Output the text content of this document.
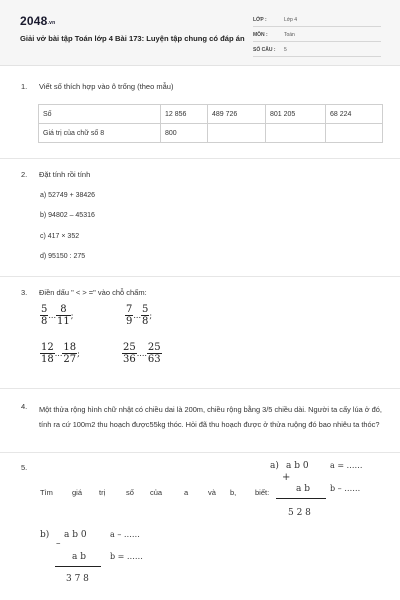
2048.vn
Giải vở bài tập Toán lớp 4 Bài 173: Luyện tập chung có đáp án
LỚP :	Lớp 4
MÔN :	Toán
SỐ CÂU : 5
1. Viết số thích hợp vào ô trống (theo mẫu)
Số	12 856	489 726	801 205	68 224
Giá trị của chữ số 8	800			
2. Đặt tính rồi tính
a) 52749 + 38426
b) 94802 – 45316
c) 417 × 352
d) 95150 : 275
3. Điền dấu " < > =" vào chỗ chấm:
$\frac{5}{8}$ ... $\frac{8}{11}$ ;	$\frac{7}{9}$ ... $\frac{5}{8}$ ;
$\frac{12}{18}$ ... $\frac{18}{27}$ ;	$\frac{25}{36}$ .... $\frac{25}{63}$
4. Một thửa rộng hình chữ nhật có chiều dai là 200m, chiều rộng bằng 3/5 chiều dài. Người ta cấy lúa ở đó, tính ra cứ 100m2 thu hoạch được55kg thóc. Hỏi đã thu hoạch được ở thửa ruộng đó bao nhiêu ta thóc?
5.
Tìm	giá trị	số của	a	và b, biết:
a) a b 0
+
a b
5 2 8
a = ……
b – ……
b) a b 0
–
a b
3 7 8
a – ……
b = ……
